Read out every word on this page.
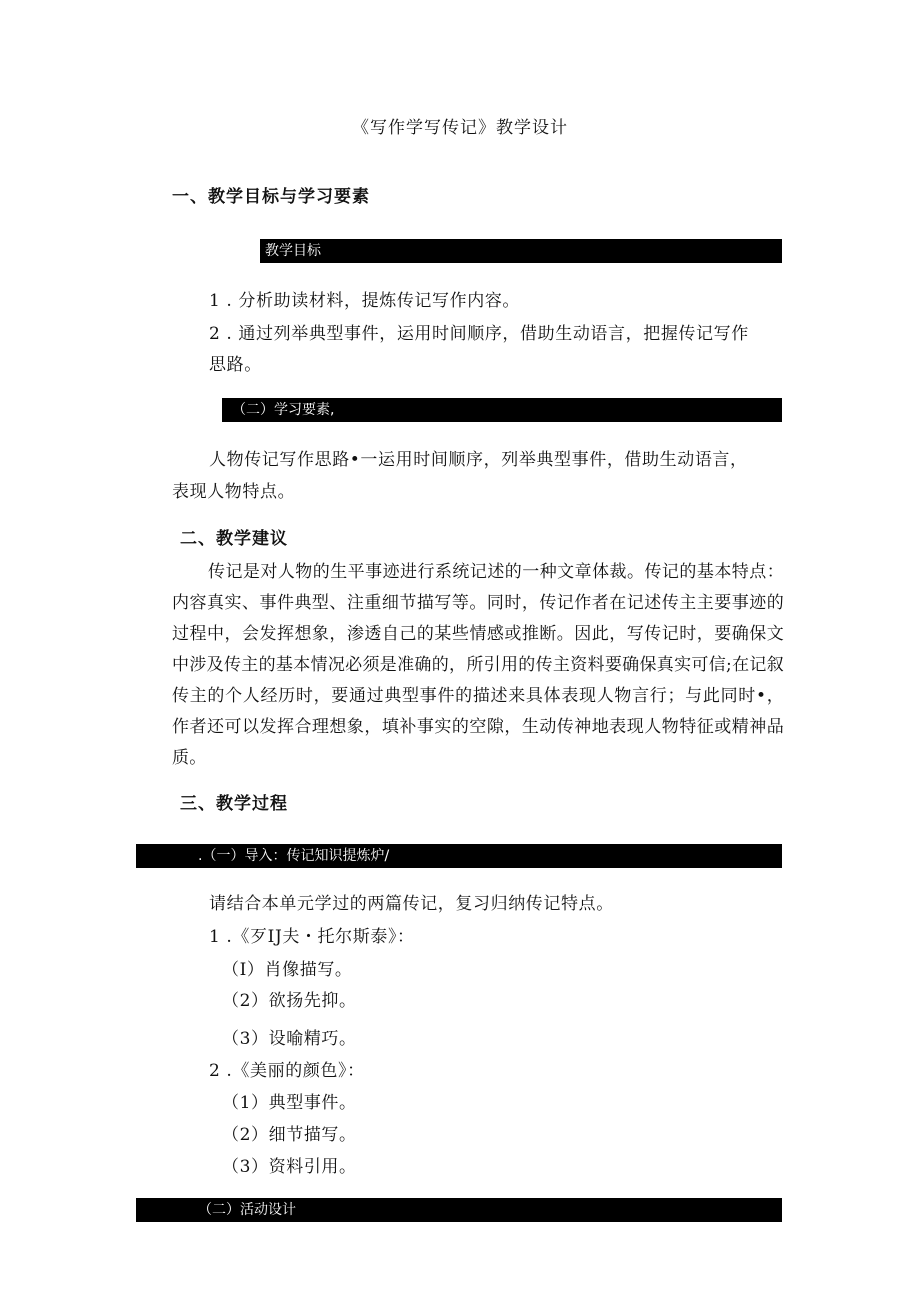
《写作学写传记》教学设计
一、教学目标与学习要素
教学目标
1 . 分析助读材料，提炼传记写作内容。
2 . 通过列举典型事件，运用时间顺序，借助生动语言，把握传记写作
思路。
（二）学习要素,
人物传记写作思路•一运用时间顺序，列举典型事件，借助生动语言，
表现人物特点。
二、教学建议
传记是对人物的生平事迹进行系统记述的一种文章体裁。传记的基本特点：内容真实、事件典型、注重细节描写等。同时，传记作者在记述传主主要事迹的过程中，会发挥想象，渗透自己的某些情感或推断。因此，写传记时，要确保文中涉及传主的基本情况必须是准确的，所引用的传主资料要确保真实可信;在记叙传主的个人经历时，要通过典型事件的描述来具体表现人物言行；与此同时•，作者还可以发挥合理想象，填补事实的空隙，生动传神地表现人物特征或精神品质。
三、教学过程
.（一）导入：传记知识提炼炉/
请结合本单元学过的两篇传记，复习归纳传记特点。
1 .《歹IJ夫・托尔斯泰》：
（I）肖像描写。
（2）欲扬先抑。
（3）设喻精巧。
2 .《美丽的颜色》：
（1）典型事件。
（2）细节描写。
（3）资料引用。
（二）活动设计
